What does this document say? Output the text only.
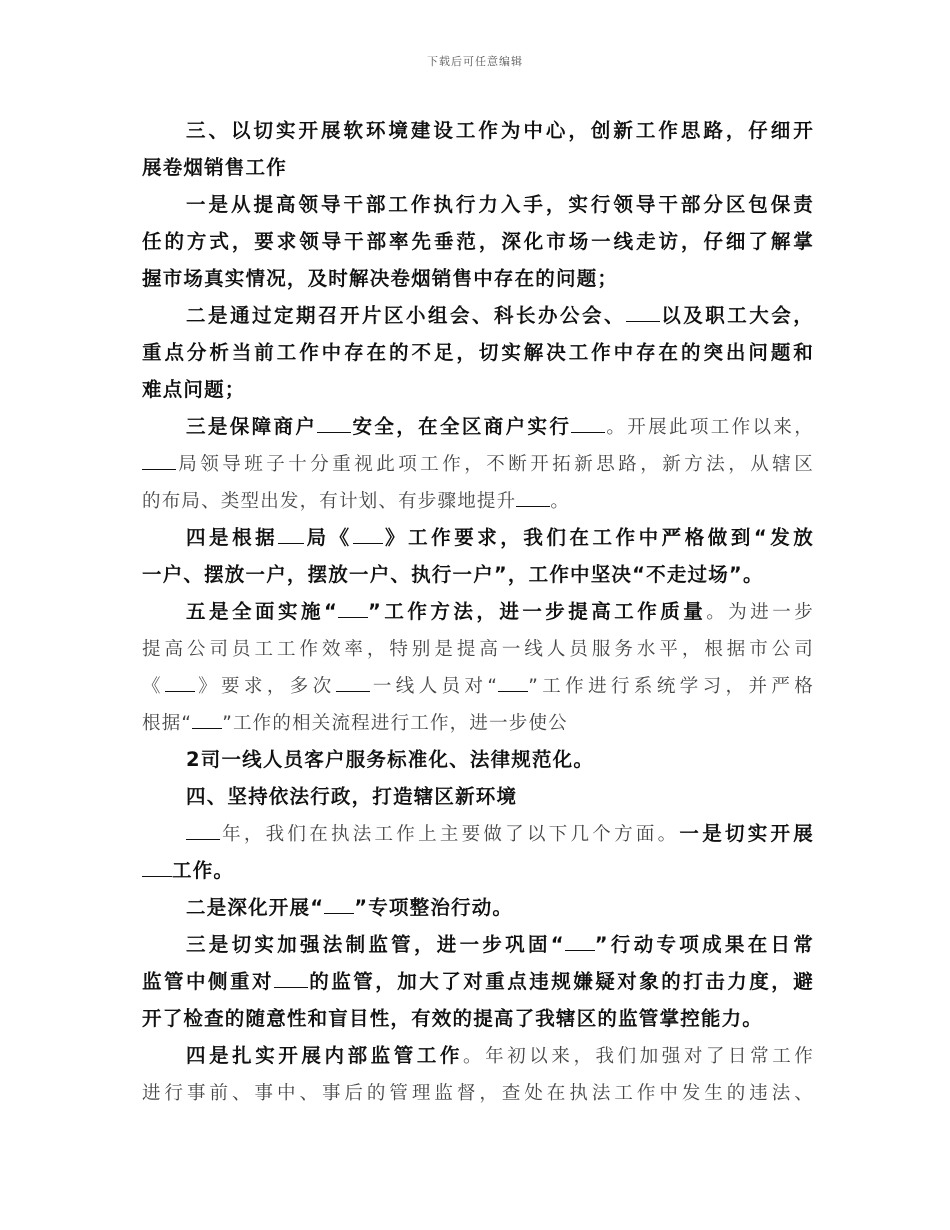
下载后可任意编辑
三、以切实开展软环境建设工作为中心，创新工作思路，仔细开
展卷烟销售工作
一是从提高领导干部工作执行力入手，实行领导干部分区包保责
任的方式，要求领导干部率先垂范，深化市场一线走访，仔细了解掌
握市场真实情况，及时解决卷烟销售中存在的问题；
二是通过定期召开片区小组会、科长办公会、 以及职工大会，
重点分析当前工作中存在的不足，切实解决工作中存在的突出问题和
难点问题；
三是保障商户 安全，在全区商户实行 。开展此项工作以来，
局领导班子十分重视此项工作，不断开拓新思路，新方法，从辖区
的布局、类型出发，有计划、有步骤地提升 。
四是根据 局《 》工作要求，我们在工作中严格做到“发放
一户、摆放一户，摆放一户、执行一户”，工作中坚决“不走过场”。
五是全面实施“ ”工作方法，进一步提高工作质量。为进一步
提高公司员工工作效率，特别是提高一线人员服务水平，根据市公司
《 》要求，多次 一线人员对“ ”工作进行系统学习，并严格
根据“ ”工作的相关流程进行工作，进一步使公
2司一线人员客户服务标准化、法律规范化。
四、坚持依法行政，打造辖区新环境
年，我们在执法工作上主要做了以下几个方面。一是切实开展
工作。
二是深化开展“ ”专项整治行动。
三是切实加强法制监管，进一步巩固“ ”行动专项成果在日常
监管中侧重对 的监管，加大了对重点违规嫌疑对象的打击力度，避
开了检查的随意性和盲目性，有效的提高了我辖区的监管掌控能力。
四是扎实开展内部监管工作。年初以来，我们加强对了日常工作
进行事前、事中、事后的管理监督，查处在执法工作中发生的违法、
